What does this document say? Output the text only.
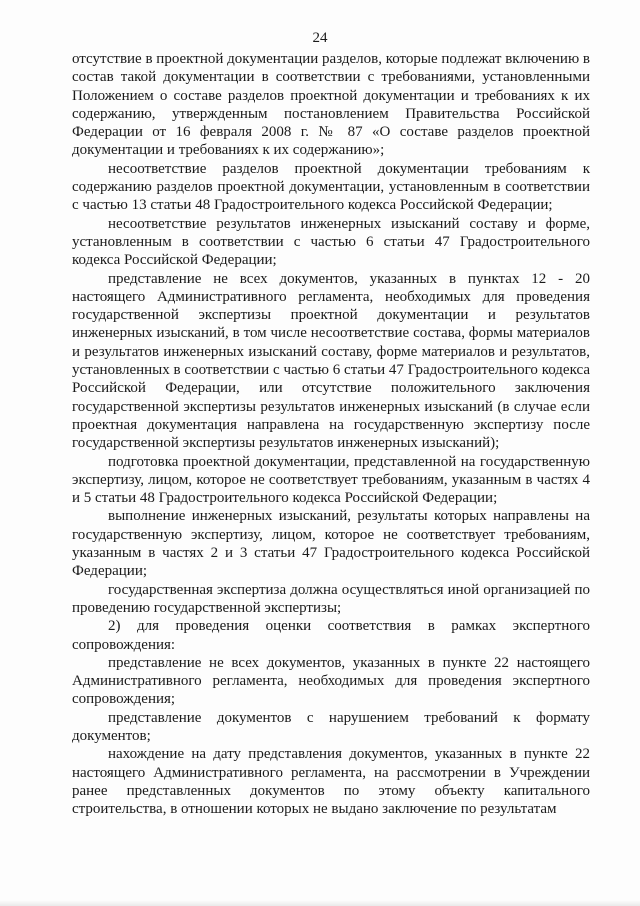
24

отсутствие в проектной документации разделов, которые подлежат включению в состав такой документации в соответствии с требованиями, установленными Положением о составе разделов проектной документации и требованиях к их содержанию, утвержденным постановлением Правительства Российской Федерации от 16 февраля 2008 г. № 87 «О составе разделов проектной документации и требованиях к их содержанию»;

несоответствие разделов проектной документации требованиям к содержанию разделов проектной документации, установленным в соответствии с частью 13 статьи 48 Градостроительного кодекса Российской Федерации;

несоответствие результатов инженерных изысканий составу и форме, установленным в соответствии с частью 6 статьи 47 Градостроительного кодекса Российской Федерации;

представление не всех документов, указанных в пунктах 12 - 20 настоящего Административного регламента, необходимых для проведения государственной экспертизы проектной документации и результатов инженерных изысканий, в том числе несоответствие состава, формы материалов и результатов инженерных изысканий составу, форме материалов и результатов, установленных в соответствии с частью 6 статьи 47 Градостроительного кодекса Российской Федерации, или отсутствие положительного заключения государственной экспертизы результатов инженерных изысканий (в случае если проектная документация направлена на государственную экспертизу после государственной экспертизы результатов инженерных изысканий);

подготовка проектной документации, представленной на государственную экспертизу, лицом, которое не соответствует требованиям, указанным в частях 4 и 5 статьи 48 Градостроительного кодекса Российской Федерации;

выполнение инженерных изысканий, результаты которых направлены на государственную экспертизу, лицом, которое не соответствует требованиям, указанным в частях 2 и 3 статьи 47 Градостроительного кодекса Российской Федерации;

государственная экспертиза должна осуществляться иной организацией по проведению государственной экспертизы;

2) для проведения оценки соответствия в рамках экспертного сопровождения:

представление не всех документов, указанных в пункте 22 настоящего Административного регламента, необходимых для проведения экспертного сопровождения;

представление документов с нарушением требований к формату документов;

нахождение на дату представления документов, указанных в пункте 22 настоящего Административного регламента, на рассмотрении в Учреждении ранее представленных документов по этому объекту капитального строительства, в отношении которых не выдано заключение по результатам
